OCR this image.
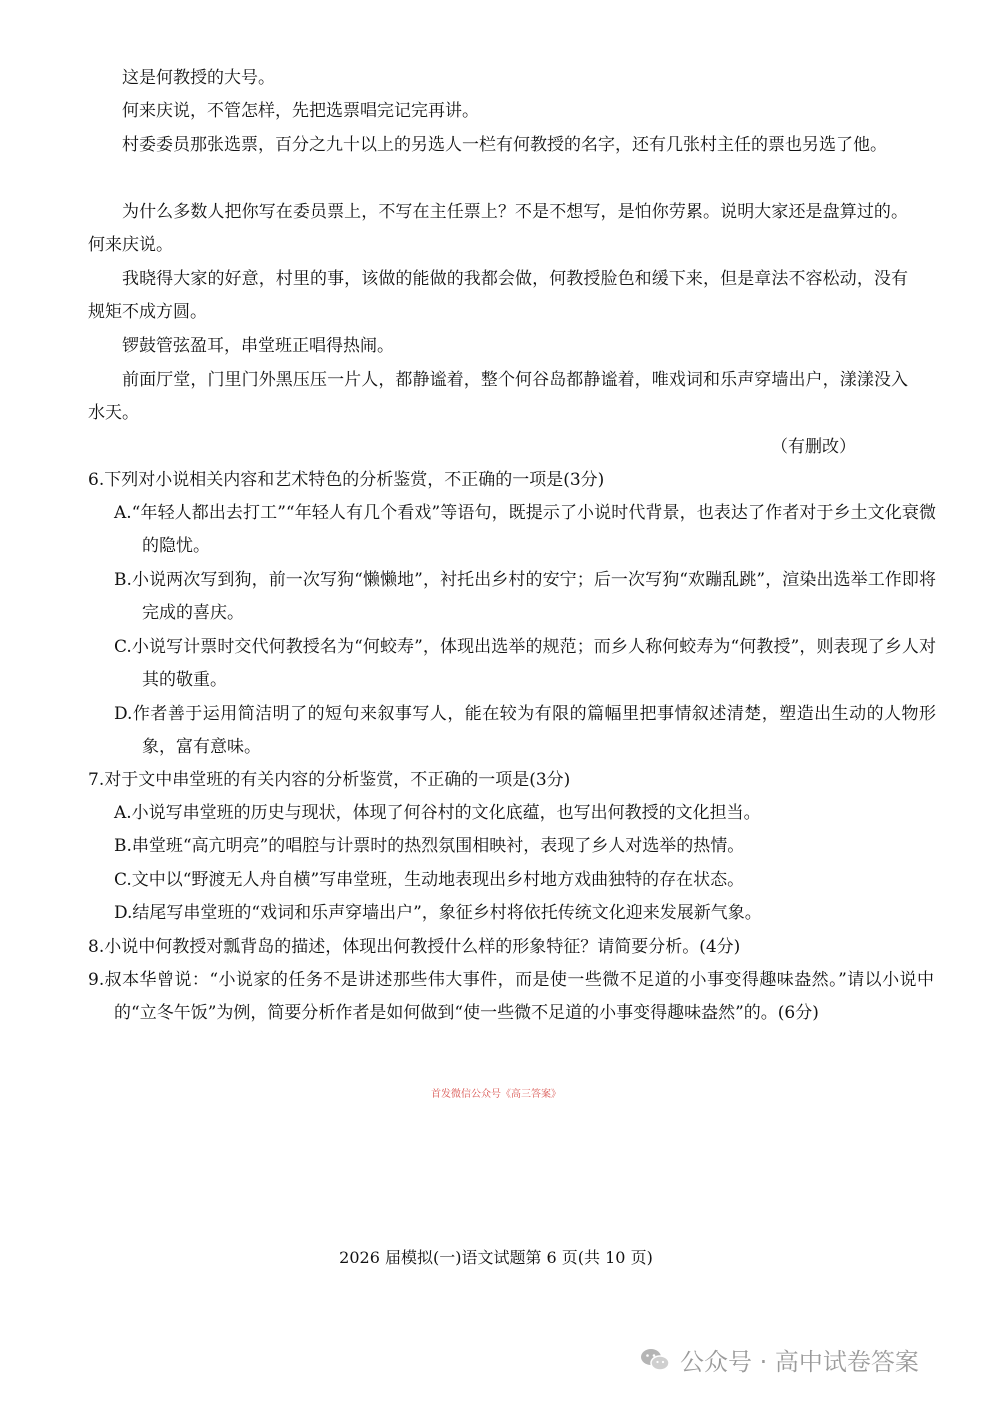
这是何教授的大号。

何来庆说，不管怎样，先把选票唱完记完再讲。

村委委员那张选票，百分之九十以上的另选人一栏有何教授的名字，还有几张村主任的票也另选了他。

为什么多数人把你写在委员票上，不写在主任票上？不是不想写，是怕你劳累。说明大家还是盘算过的。何来庆说。

我晓得大家的好意，村里的事，该做的能做的我都会做，何教授脸色和缓下来，但是章法不容松动，没有规矩不成方圆。

锣鼓管弦盈耳，串堂班正唱得热闹。

前面厅堂，门里门外黑压压一片人，都静谧着，整个何谷岛都静谧着，唯戏词和乐声穿墙出户，漾漾没入水天。

（有删改）
6.下列对小说相关内容和艺术特色的分析鉴赏，不正确的一项是(3分)
A.“年轻人都出去打工”“年轻人有几个看戏”等语句，既提示了小说时代背景，也表达了作者对于乡土文化衰微的隐忧。
B.小说两次写到狗，前一次写狗“懒懒地”，衬托出乡村的安宁；后一次写狗“欢蹦乱跳”，渲染出选举工作即将完成的喜庆。
C.小说写计票时交代何教授名为“何蛟寿”，体现出选举的规范；而乡人称何蛟寿为“何教授”，则表现了乡人对其的敬重。
D.作者善于运用简洁明了的短句来叙事写人，能在较为有限的篇幅里把事情叙述清楚，塑造出生动的人物形象，富有意味。
7.对于文中串堂班的有关内容的分析鉴赏，不正确的一项是(3分)
A.小说写串堂班的历史与现状，体现了何谷村的文化底蕴，也写出何教授的文化担当。
B.串堂班“高亢明亮”的唱腔与计票时的热烈氛围相映衬，表现了乡人对选举的热情。
C.文中以“野渡无人舟自横”写串堂班，生动地表现出乡村地方戏曲独特的存在状态。
D.结尾写串堂班的“戏词和乐声穿墙出户”，象征乡村将依托传统文化迎来发展新气象。
8.小说中何教授对瓢背岛的描述，体现出何教授什么样的形象特征？请简要分析。(4分)
9.叔本华曾说：“小说家的任务不是讲述那些伟大事件，而是使一些微不足道的小事变得趣味盎然。”请以小说中的“立冬午饭”为例，简要分析作者是如何做到“使一些微不足道的小事变得趣味盎然”的。(6分)
首发微信公众号《高三答案》
2026 届模拟(一)语文试题第 6 页(共 10 页)
公众号 · 高中试卷答案
